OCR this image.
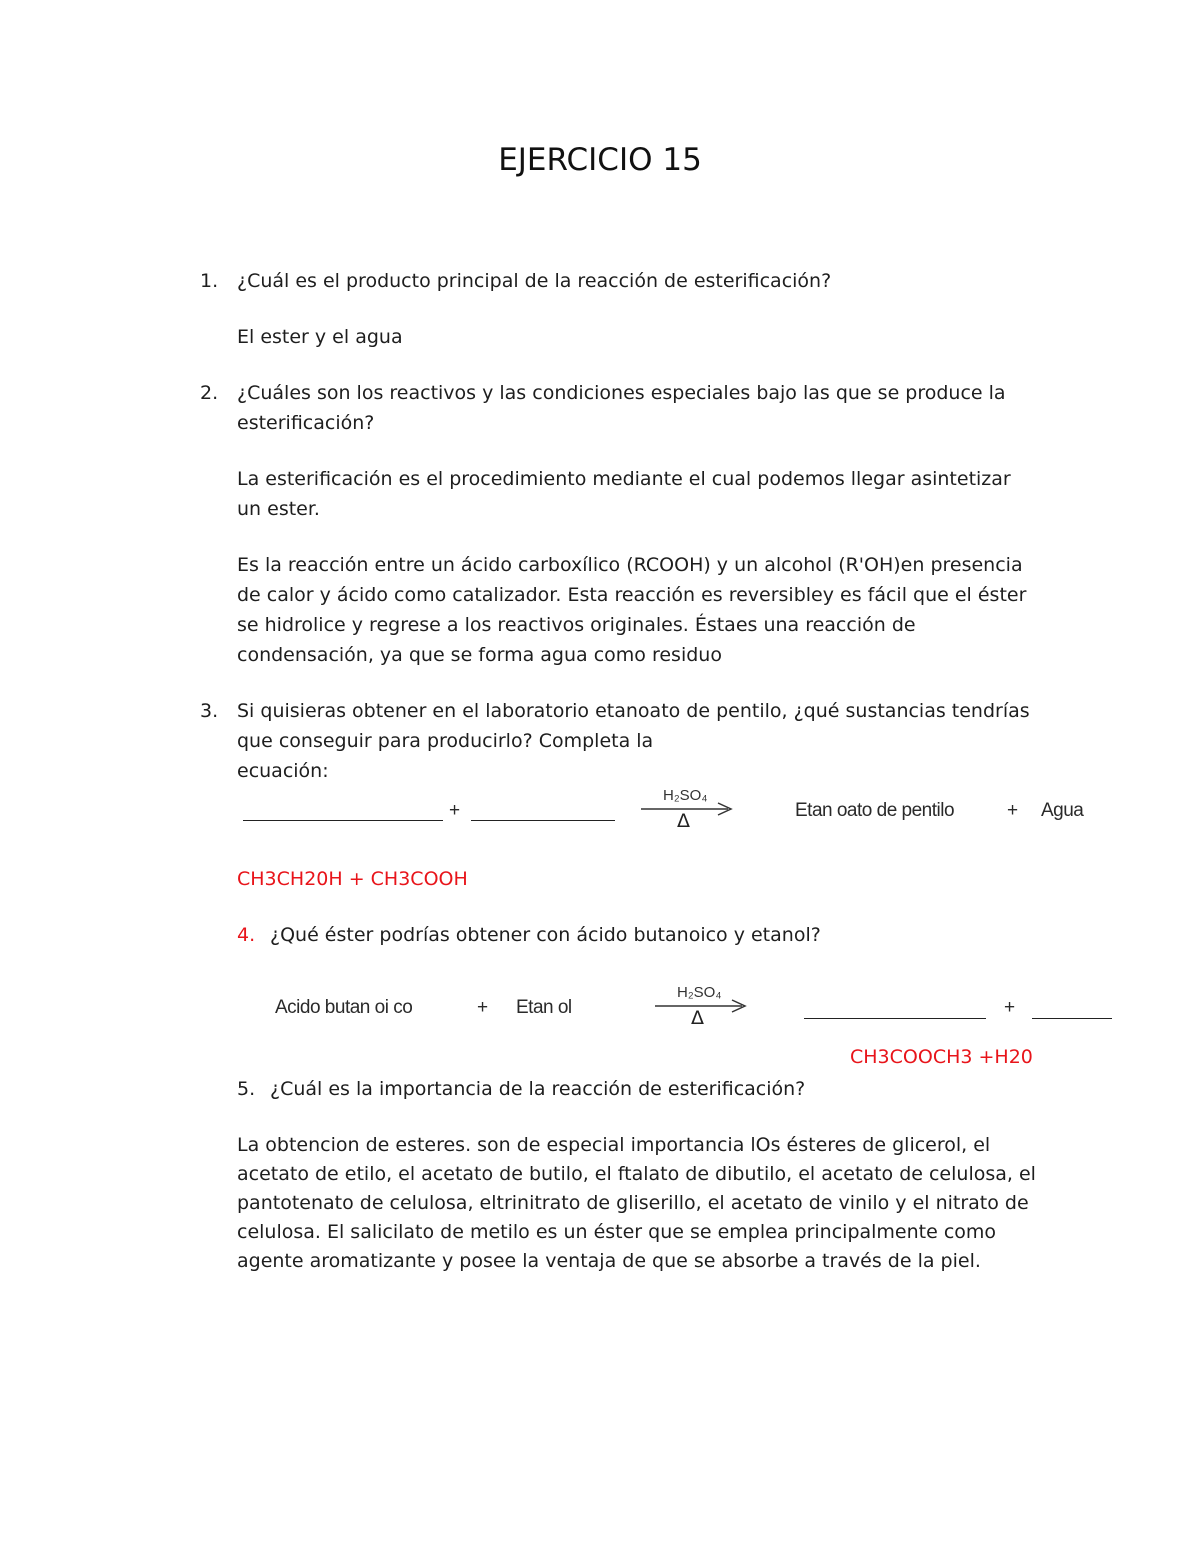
EJERCICIO 15
1. ¿Cuál es el producto principal de la reacción de esterificación?
El ester y el agua
2. ¿Cuáles son los reactivos y las condiciones especiales bajo las que se produce la
esterificación?
La esterificación es el procedimiento mediante el cual podemos llegar asintetizar
un ester.
Es la reacción entre un ácido carboxílico (RCOOH) y un alcohol (R'OH)en presencia
de calor y ácido como catalizador. Esta reacción es reversibley es fácil que el éster
se hidrolice y regrese a los reactivos originales. Éstaes una reacción de
condensación, ya que se forma agua como residuo
3. Si quisieras obtener en el laboratorio etanoato de pentilo, ¿qué sustancias tendrías
que conseguir para producirlo? Completa la
ecuación:
+
H₂SO₄
Δ	Etan oato de pentilo	+ Agua
CH3CH20H + CH3COOH
4. ¿Qué éster podrías obtener con ácido butanoico y etanol?
Acido butan oi co	+ Etan ol
H₂SO₄
Δ	+
CH3COOCH3 +H20
5. ¿Cuál es la importancia de la reacción de esterificación?
La obtencion de esteres. son de especial importancia lOs ésteres de glicerol, el
acetato de etilo, el acetato de butilo, el ftalato de dibutilo, el acetato de celulosa, el
pantotenato de celulosa, eltrinitrato de gliserillo, el acetato de vinilo y el nitrato de
celulosa. El salicilato de metilo es un éster que se emplea principalmente como
agente aromatizante y posee la ventaja de que se absorbe a través de la piel.
